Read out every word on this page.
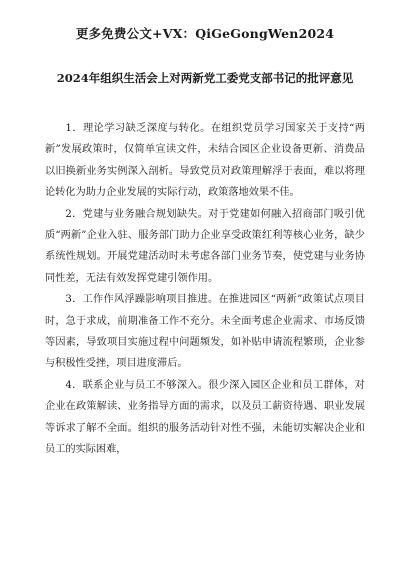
更多免费公文+VX：QiGeGongWen2024
2024年组织生活会上对两新党工委党支部书记的批评意见

1．理论学习缺乏深度与转化。在组织党员学习国家关于支持“两新”发展政策时，仅简单宣读文件，未结合园区企业设备更新、消费品以旧换新业务实例深入剖析。导致党员对政策理解浮于表面，难以将理论转化为助力企业发展的实际行动，政策落地效果不佳。

2．党建与业务融合规划缺失。对于党建如何融入招商部门吸引优质“两新”企业入驻、服务部门助力企业享受政策红利等核心业务，缺少系统性规划。开展党建活动时未考虑各部门业务节奏，使党建与业务协同性差，无法有效发挥党建引领作用。

3．工作作风浮躁影响项目推进。在推进园区“两新”政策试点项目时，急于求成，前期准备工作不充分。未全面考虑企业需求、市场反馈等因素，导致项目实施过程中问题频发，如补贴申请流程繁琐，企业参与积极性受挫，项目进度滞后。

4．联系企业与员工不够深入。很少深入园区企业和员工群体，对企业在政策解读、业务指导方面的需求，以及员工薪资待遇、职业发展等诉求了解不全面。组织的服务活动针对性不强，未能切实解决企业和员工的实际困难，
